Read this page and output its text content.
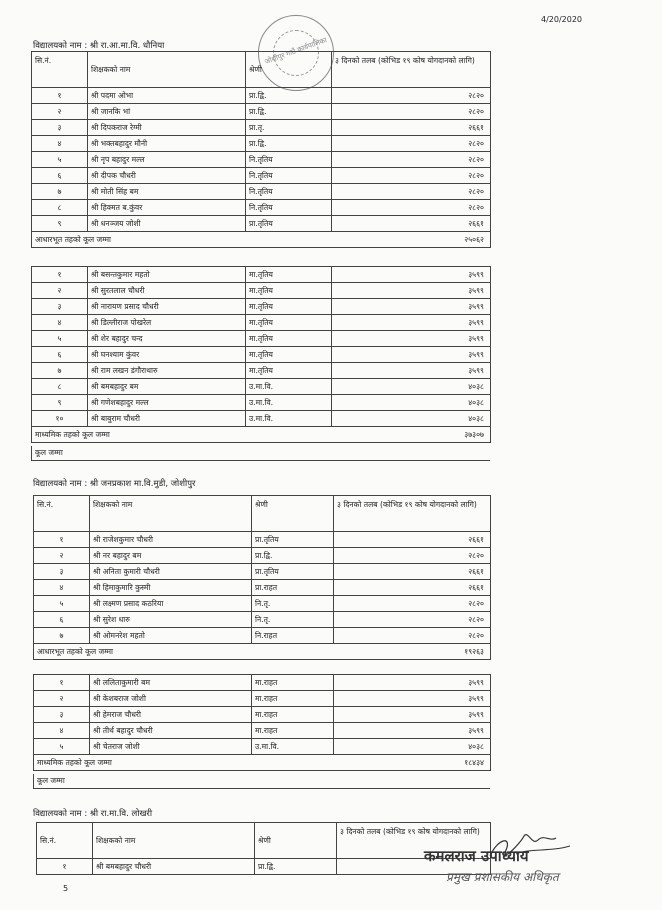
4/20/2020
जोशीपुर गाउँ कार्यपालिका
विद्यालयको नाम : श्री रा.आ.मा.वि. धौनिया
सि.नं.	शिक्षकको नाम	श्रेणी	३ दिनको तलब (कोभिड १९ कोष योगदानको लागि)
१	श्री पदमा ओभा	प्रा.द्वि.	२८२०
२	श्री जानकि भां	प्रा.द्वि.	२८२०
३	श्री दिपकराज रेग्मी	प्रा.तृ.	२६६१
४	श्री भक्तबहादुर मौनी	प्रा.द्वि.	२८२०
५	श्री नृप बहादुर मल्ल	नि.तृतिय	२८२०
६	श्री दीपक चौधरी	नि.तृतिय	२८२०
७	श्री मोती सिंह बम	नि.तृतिय	२८२०
८	श्री हिक्मत ब.कुंवर	नि.तृतिय	२८२०
९	श्री धनञ्जय जोशी	प्रा.तृतिय	२६६१
आधारभूत तहको कूल जम्मा			२५०६२
१	श्री बसन्तकुमार महतो	मा.तृतिय	३५९९
२	श्री सुरतलाल चौधरी	मा.तृतिय	३५९९
३	श्री नारायण प्रसाद चौधरी	मा.तृतिय	३५९९
४	श्री डिल्लीराज पोखरेल	मा.तृतिय	३५९९
५	श्री शेर बहादुर चन्द	मा.तृतिय	३५९९
६	श्री घनश्याम कुंवर	मा.तृतिय	३५९९
७	श्री राम लखन डंगौराथारु	मा.तृतिय	३५९९
८	श्री बमबहादुर बम	उ.मा.वि.	४०३८
९	श्री गणेशबहादुर मल्ल	उ.मा.वि.	४०३८
१०	श्री बाबुराम चौधरी	उ.मा.वि.	४०३८
माध्यमिक तहको कूल जम्मा			३७३०७
कूल जम्मा
विद्यालयको नाम : श्री जनप्रकाश मा.वि.मुडी, जोशीपुर
सि.नं.	शिक्षकको नाम	श्रेणी	३ दिनको तलब (कोभिड १९ कोष योगदानको लागि)
१	श्री राजेशकुमार चौधरी	प्रा.तृतिय	२६६१
२	श्री नर बहादुर बम	प्रा.द्वि.	२८२०
३	श्री अनिता कुमारी चौधरी	प्रा.तृतिय	२६६१
४	श्री हिमाकुमारि कुस्मी	प्रा.राहत	२६६१
५	श्री लक्ष्मण प्रसाद कठरिया	नि.तृ.	२८२०
६	श्री सुरेश धारु	नि.तृ.	२८२०
७	श्री ओमनरेश महतो	नि.राहत	२८२०
आधारभूत तहको कूल जम्मा			१९२६३
१	श्री ललिताकुमारी बम	मा.राहत	३५९९
२	श्री केशबराज जोशी	मा.राहत	३५९९
३	श्री हेमराज चौधरी	मा.राहत	३५९९
४	श्री तीर्थ बहादुर चौधरी	मा.राहत	३५९९
५	श्री चेतराज जोशी	उ.मा.वि.	४०३८
माध्यमिक तहको कूल जम्मा			१८४३४
कूल जम्मा
विद्यालयको नाम : श्री रा.मा.वि. लोखरी
सि.नं.	शिक्षकको नाम	श्रेणी	३ दिनको तलब (कोभिड १९ कोष योगदानको लागि)
१	श्री बमबहादुर चौधरी	प्रा.द्वि.	
कमलराज उपाध्याय
प्रमुख प्रशासकीय अधिकृत
5
